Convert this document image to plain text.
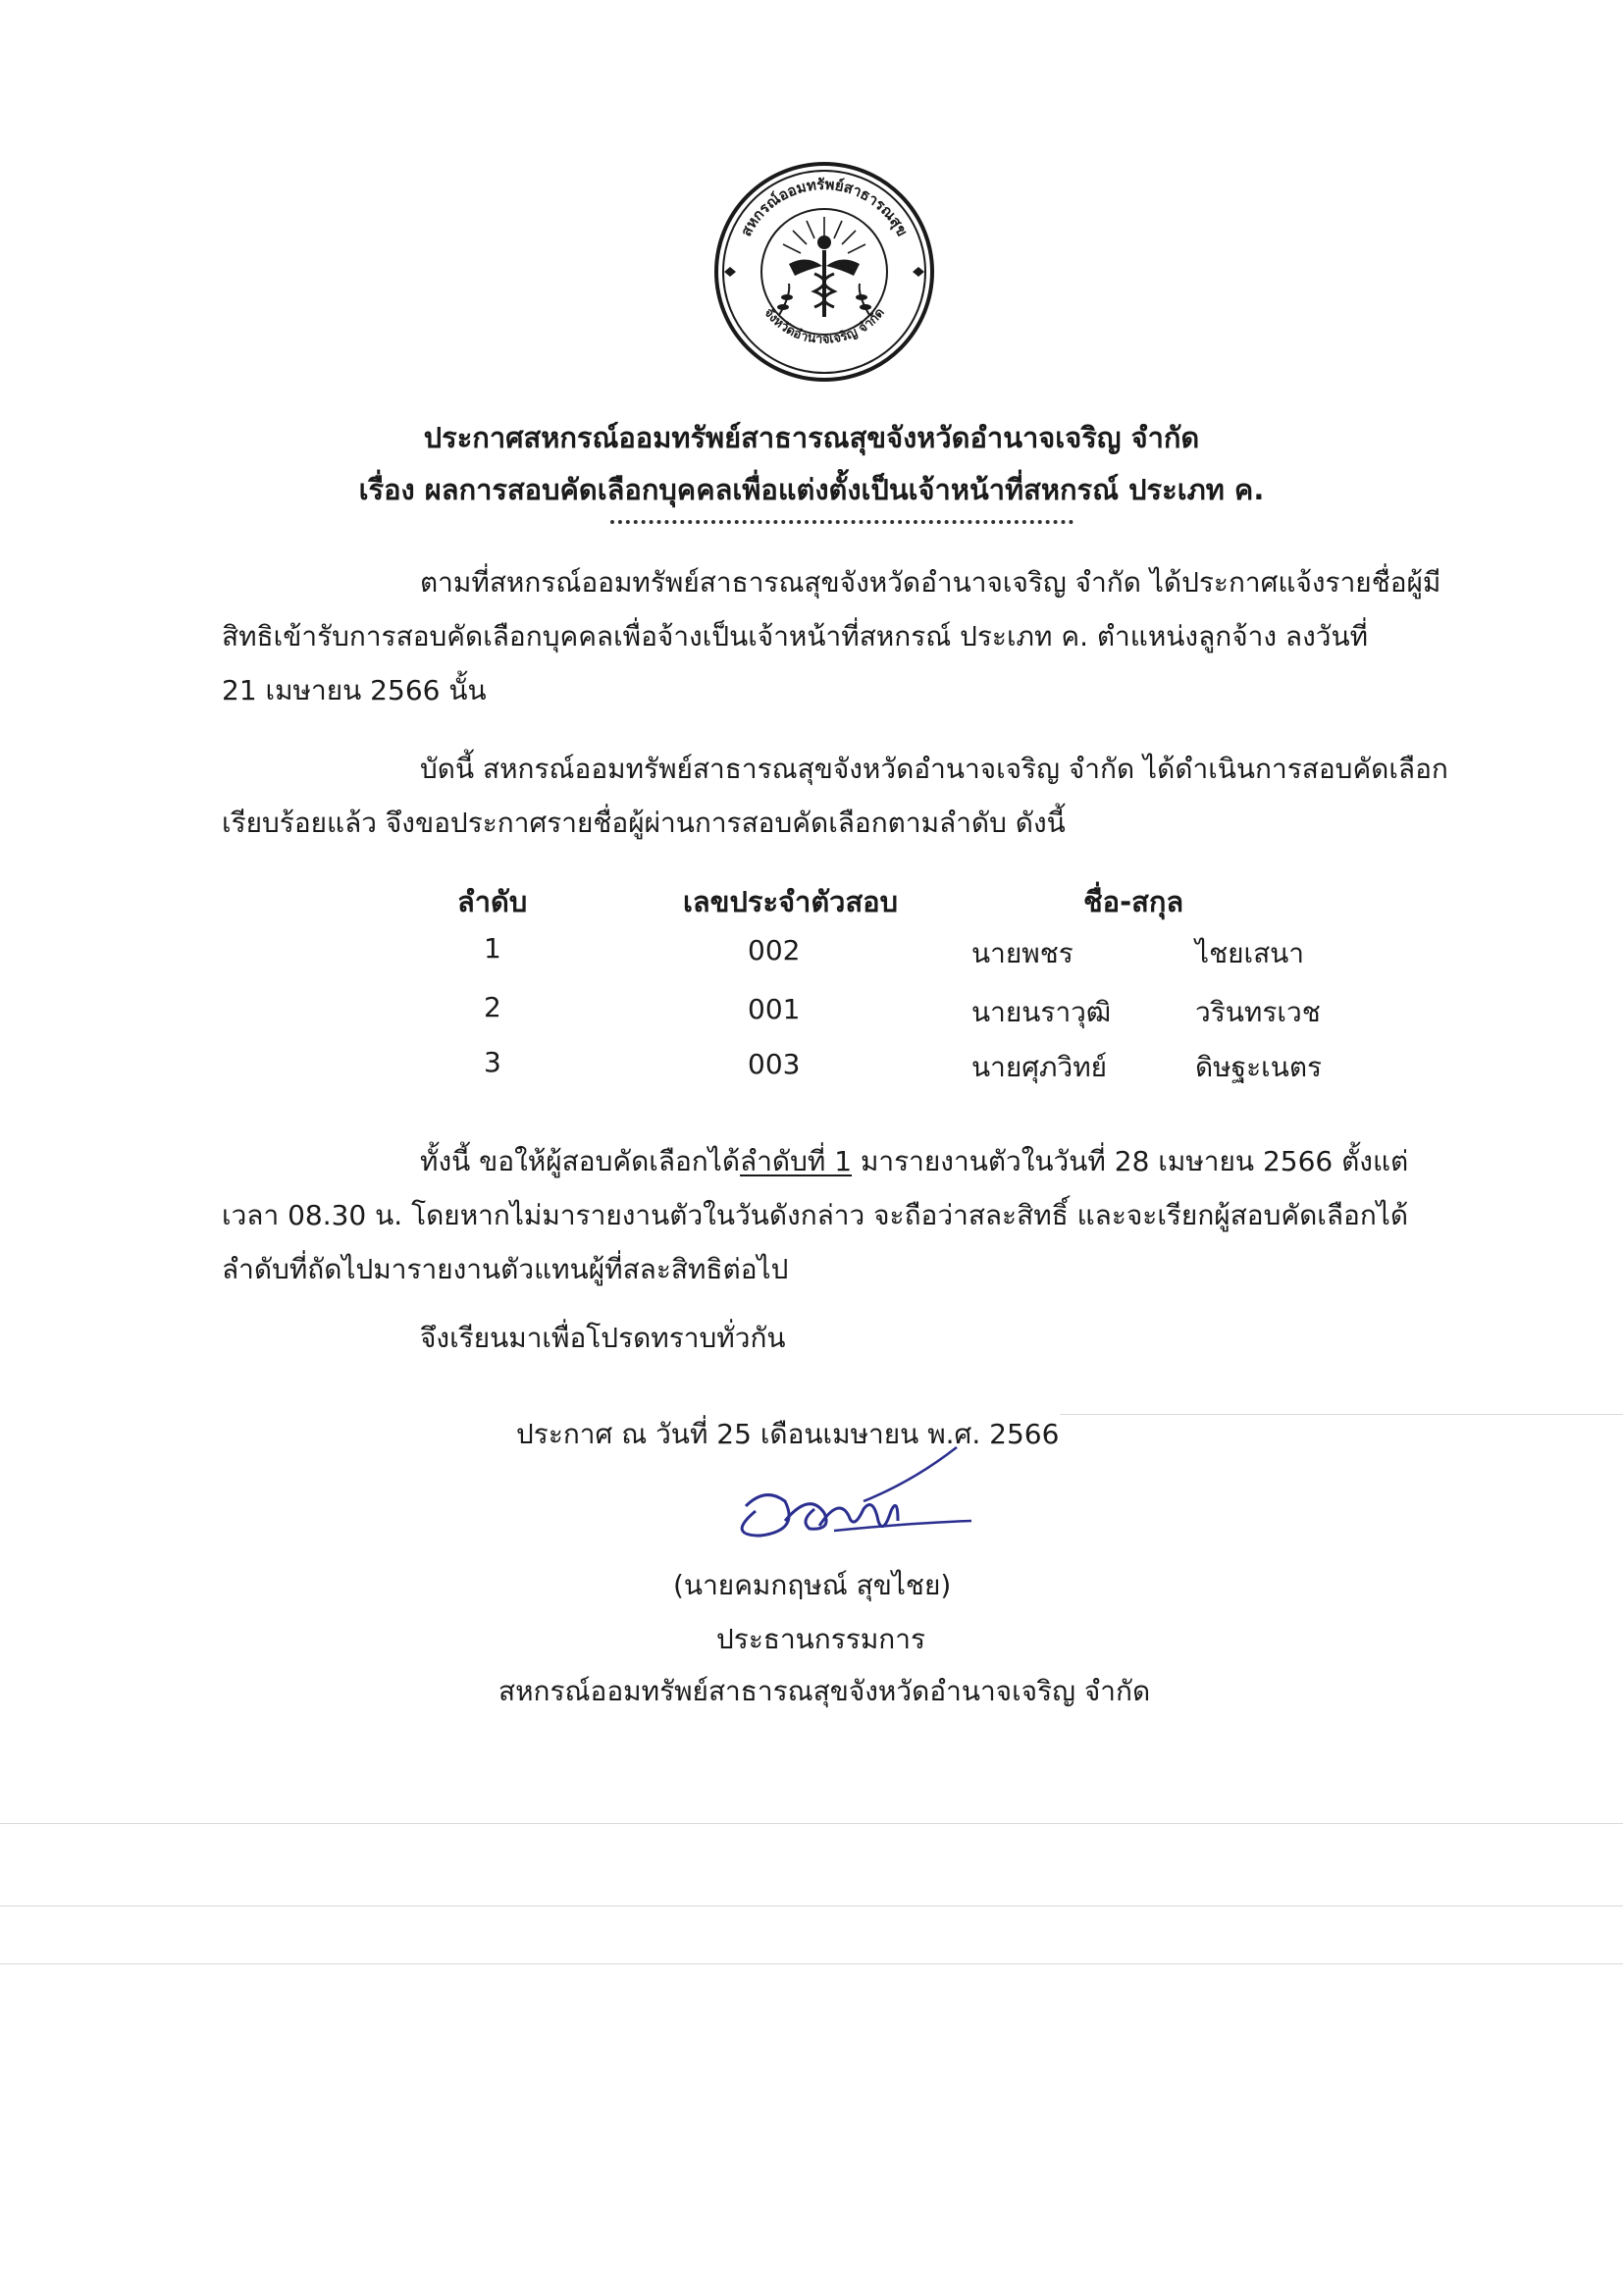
สหกรณ์ออมทรัพย์สาธารณสุข
จังหวัดอำนาจเจริญ จำกัด
ประกาศสหกรณ์ออมทรัพย์สาธารณสุขจังหวัดอำนาจเจริญ จำกัด
เรื่อง ผลการสอบคัดเลือกบุคคลเพื่อแต่งตั้งเป็นเจ้าหน้าที่สหกรณ์ ประเภท ค.
ตามที่สหกรณ์ออมทรัพย์สาธารณสุขจังหวัดอำนาจเจริญ จำกัด ได้ประกาศแจ้งรายชื่อผู้มี
สิทธิเข้ารับการสอบคัดเลือกบุคคลเพื่อจ้างเป็นเจ้าหน้าที่สหกรณ์ ประเภท ค. ตำแหน่งลูกจ้าง ลงวันที่
21 เมษายน 2566 นั้น
บัดนี้ สหกรณ์ออมทรัพย์สาธารณสุขจังหวัดอำนาจเจริญ จำกัด ได้ดำเนินการสอบคัดเลือก
เรียบร้อยแล้ว จึงขอประกาศรายชื่อผู้ผ่านการสอบคัดเลือกตามลำดับ ดังนี้
ลำดับ	เลขประจำตัวสอบ	ชื่อ-สกุล
1	002	นายพชร	ไชยเสนา
2	001	นายนราวุฒิ	วรินทรเวช
3	003	นายศุภวิทย์	ดิษฐะเนตร
ทั้งนี้ ขอให้ผู้สอบคัดเลือกได้ลำดับที่ 1 มารายงานตัวในวันที่ 28 เมษายน 2566 ตั้งแต่
เวลา 08.30 น. โดยหากไม่มารายงานตัวในวันดังกล่าว จะถือว่าสละสิทธิ์ และจะเรียกผู้สอบคัดเลือกได้
ลำดับที่ถัดไปมารายงานตัวแทนผู้ที่สละสิทธิต่อไป
จึงเรียนมาเพื่อโปรดทราบทั่วกัน
ประกาศ ณ วันที่ 25 เดือนเมษายน พ.ศ. 2566
(นายคมกฤษณ์ สุขไชย)
ประธานกรรมการ
สหกรณ์ออมทรัพย์สาธารณสุขจังหวัดอำนาจเจริญ จำกัด
